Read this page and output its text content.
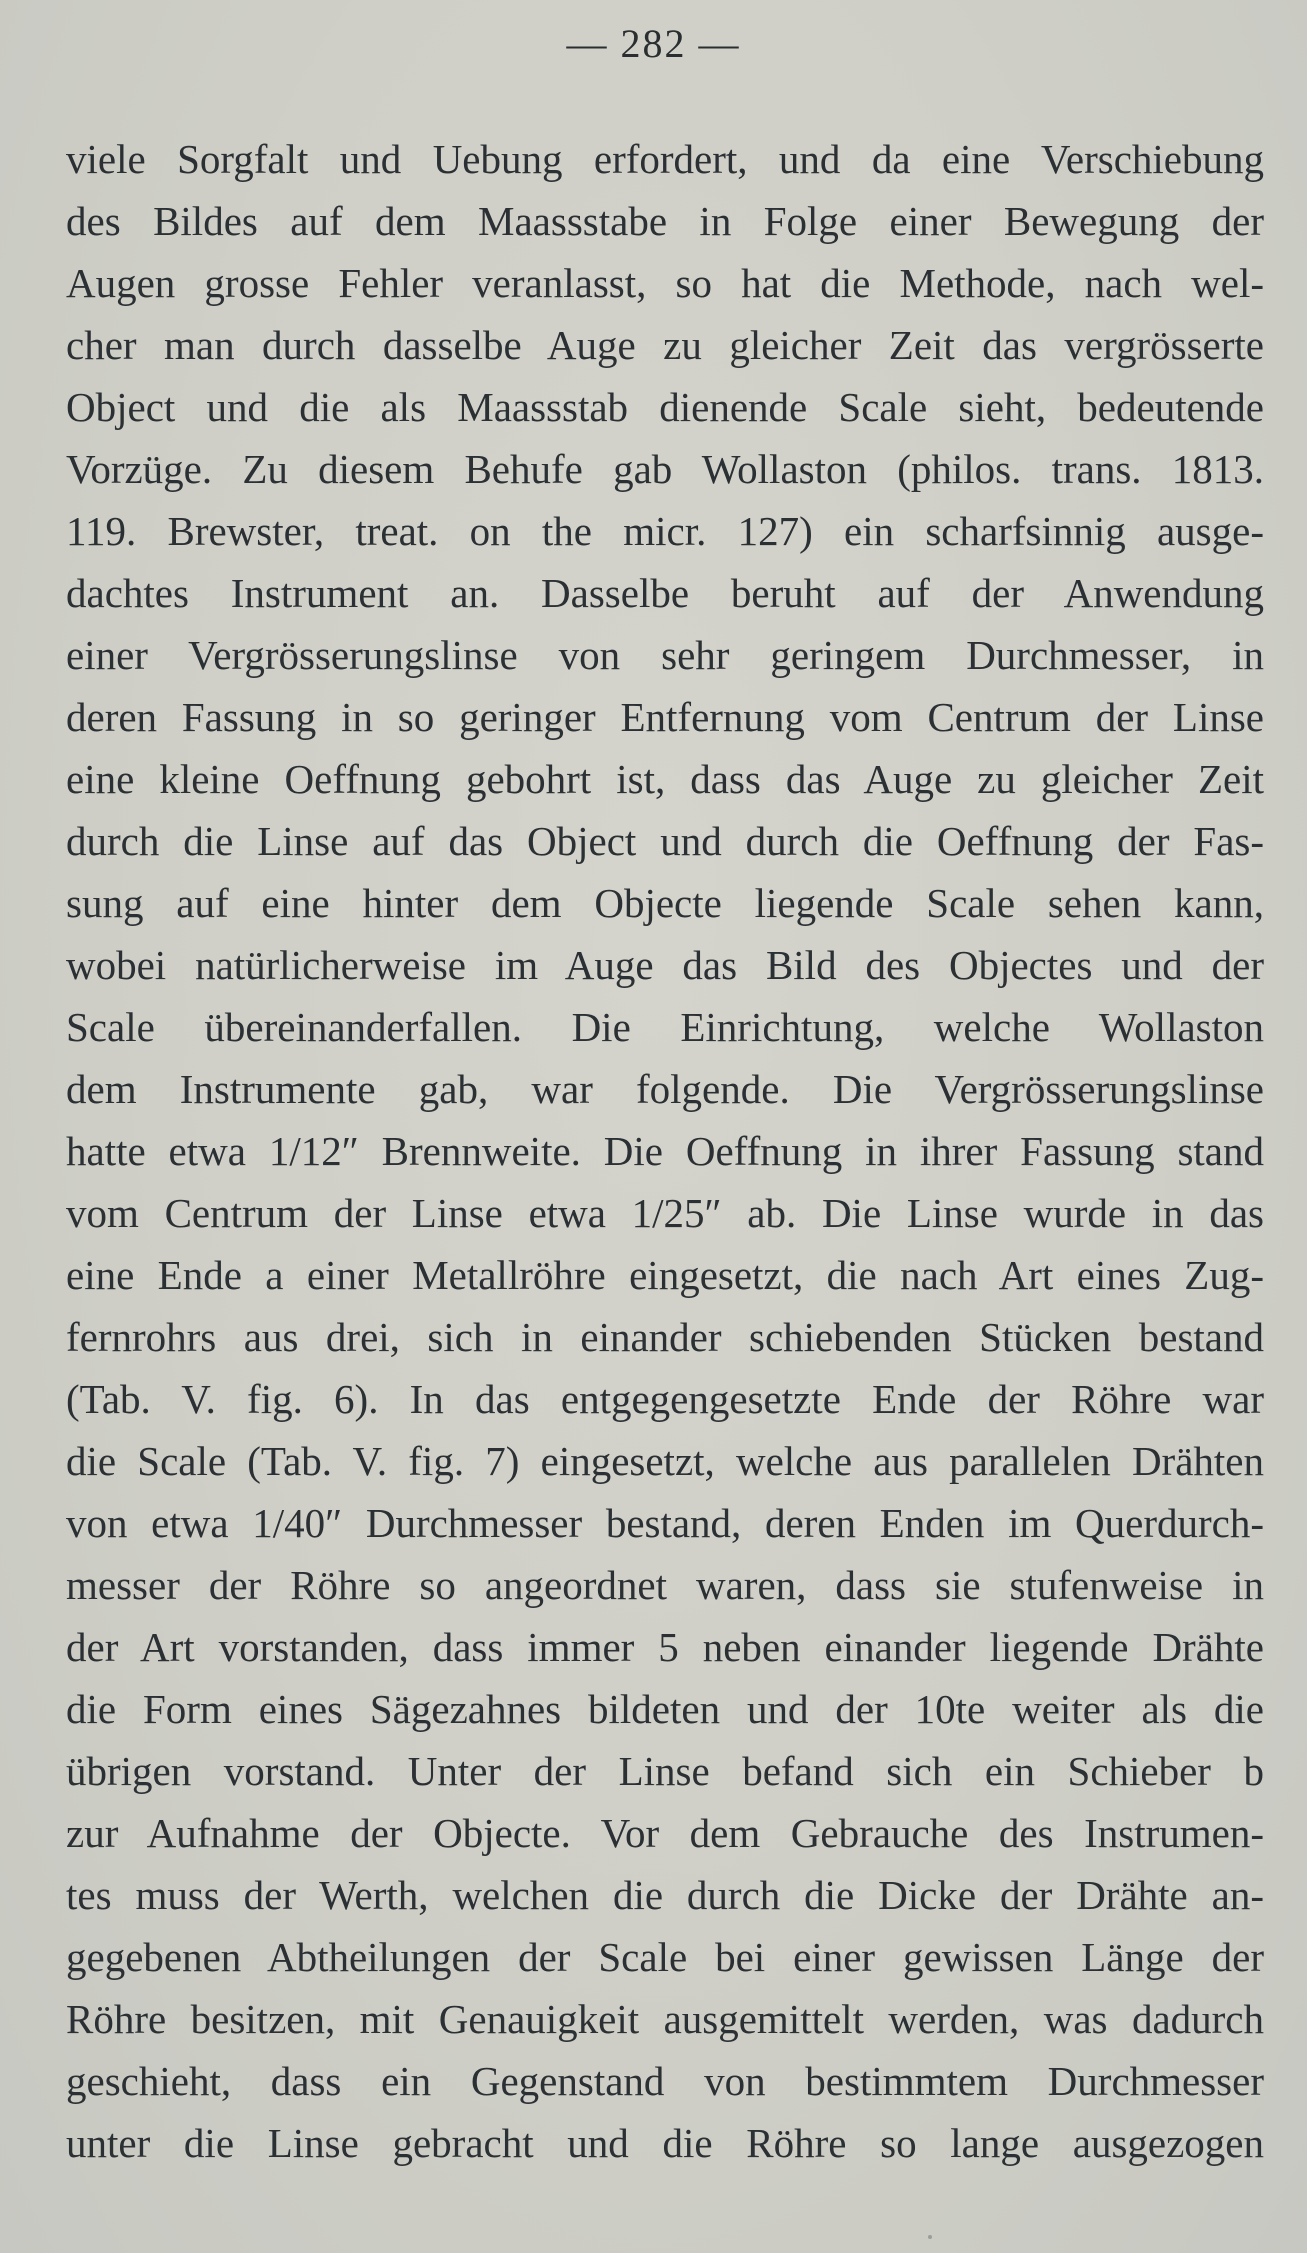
— 282 —
viele Sorgfalt und Uebung erfordert, und da eine Verschiebung
des Bildes auf dem Maassstabe in Folge einer Bewegung der
Augen grosse Fehler veranlasst, so hat die Methode, nach wel-
cher man durch dasselbe Auge zu gleicher Zeit das vergrösserte
Object und die als Maassstab dienende Scale sieht, bedeutende
Vorzüge. Zu diesem Behufe gab Wollaston (philos. trans. 1813.
119. Brewster, treat. on the micr. 127) ein scharfsinnig ausge-
dachtes Instrument an. Dasselbe beruht auf der Anwendung
einer Vergrösserungslinse von sehr geringem Durchmesser, in
deren Fassung in so geringer Entfernung vom Centrum der Linse
eine kleine Oeffnung gebohrt ist, dass das Auge zu gleicher Zeit
durch die Linse auf das Object und durch die Oeffnung der Fas-
sung auf eine hinter dem Objecte liegende Scale sehen kann,
wobei natürlicherweise im Auge das Bild des Objectes und der
Scale übereinanderfallen. Die Einrichtung, welche Wollaston
dem Instrumente gab, war folgende. Die Vergrösserungslinse
hatte etwa 1/12″ Brennweite. Die Oeffnung in ihrer Fassung stand
vom Centrum der Linse etwa 1/25″ ab. Die Linse wurde in das
eine Ende a einer Metallröhre eingesetzt, die nach Art eines Zug-
fernrohrs aus drei, sich in einander schiebenden Stücken bestand
(Tab. V. fig. 6). In das entgegengesetzte Ende der Röhre war
die Scale (Tab. V. fig. 7) eingesetzt, welche aus parallelen Drähten
von etwa 1/40″ Durchmesser bestand, deren Enden im Querdurch-
messer der Röhre so angeordnet waren, dass sie stufenweise in
der Art vorstanden, dass immer 5 neben einander liegende Drähte
die Form eines Sägezahnes bildeten und der 10te weiter als die
übrigen vorstand. Unter der Linse befand sich ein Schieber b
zur Aufnahme der Objecte. Vor dem Gebrauche des Instrumen-
tes muss der Werth, welchen die durch die Dicke der Drähte an-
gegebenen Abtheilungen der Scale bei einer gewissen Länge der
Röhre besitzen, mit Genauigkeit ausgemittelt werden, was dadurch
geschieht, dass ein Gegenstand von bestimmtem Durchmesser
unter die Linse gebracht und die Röhre so lange ausgezogen
